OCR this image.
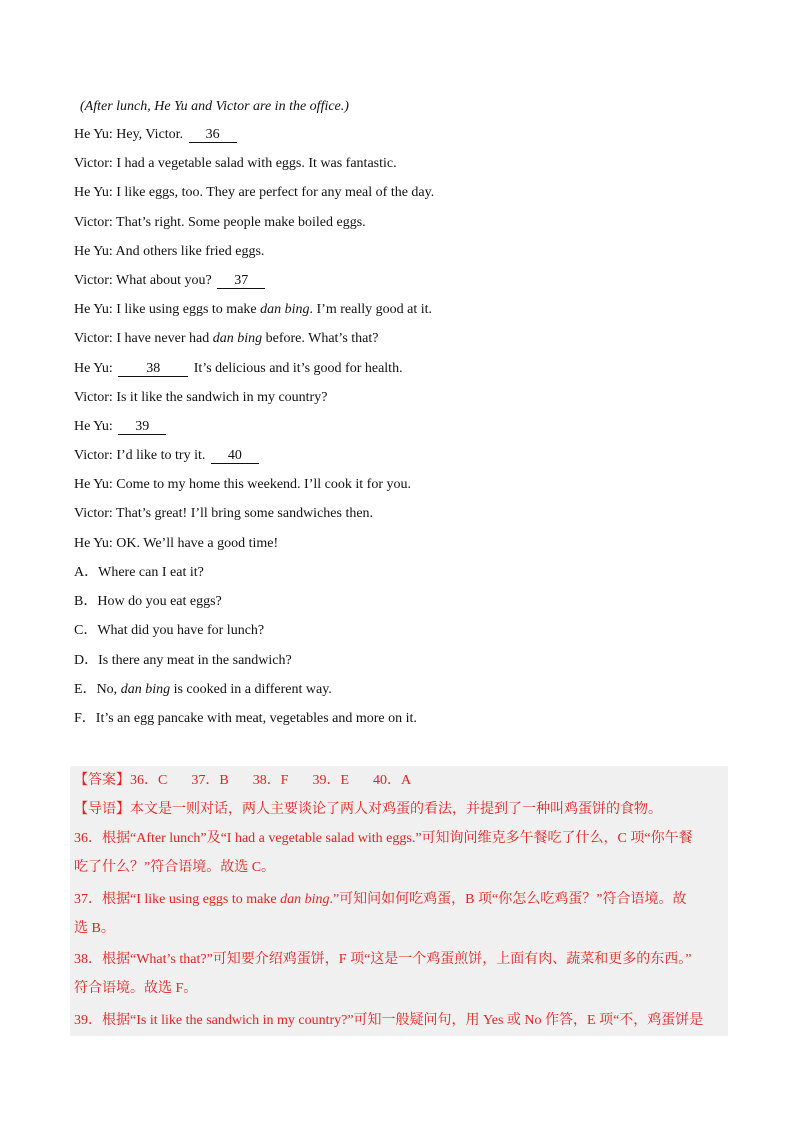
(After lunch, He Yu and Victor are in the office.)
He Yu: Hey, Victor. 36
Victor: I had a vegetable salad with eggs. It was fantastic.
He Yu: I like eggs, too. They are perfect for any meal of the day.
Victor: That’s right. Some people make boiled eggs.
He Yu: And others like fried eggs.
Victor: What about you? 37
He Yu: I like using eggs to make dan bing. I’m really good at it.
Victor: I have never had dan bing before. What’s that?
He Yu: 38 It’s delicious and it’s good for health.
Victor: Is it like the sandwich in my country?
He Yu: 39
Victor: I’d like to try it. 40
He Yu: Come to my home this weekend. I’ll cook it for you.
Victor: That’s great! I’ll bring some sandwiches then.
He Yu: OK. We’ll have a good time!
A．Where can I eat it?
B．How do you eat eggs?
C．What did you have for lunch?
D．Is there any meat in the sandwich?
E．No, dan bing is cooked in a different way.
F．It’s an egg pancake with meat, vegetables and more on it.
【答案】36．C 37．B 38．F 39．E 40．A
【导语】本文是一则对话，两人主要谈论了两人对鸡蛋的看法，并提到了一种叫鸡蛋饼的食物。
36．根据“After lunch”及“I had a vegetable salad with eggs.”可知询问维克多午餐吃了什么，C 项“你午餐
吃了什么？”符合语境。故选 C。
37．根据“I like using eggs to make dan bing.”可知问如何吃鸡蛋，B 项“你怎么吃鸡蛋？”符合语境。故
选 B。
38．根据“What’s that?”可知要介绍鸡蛋饼，F 项“这是一个鸡蛋煎饼，上面有肉、蔬菜和更多的东西。”
符合语境。故选 F。
39．根据“Is it like the sandwich in my country?”可知一般疑问句，用 Yes 或 No 作答，E 项“不，鸡蛋饼是
